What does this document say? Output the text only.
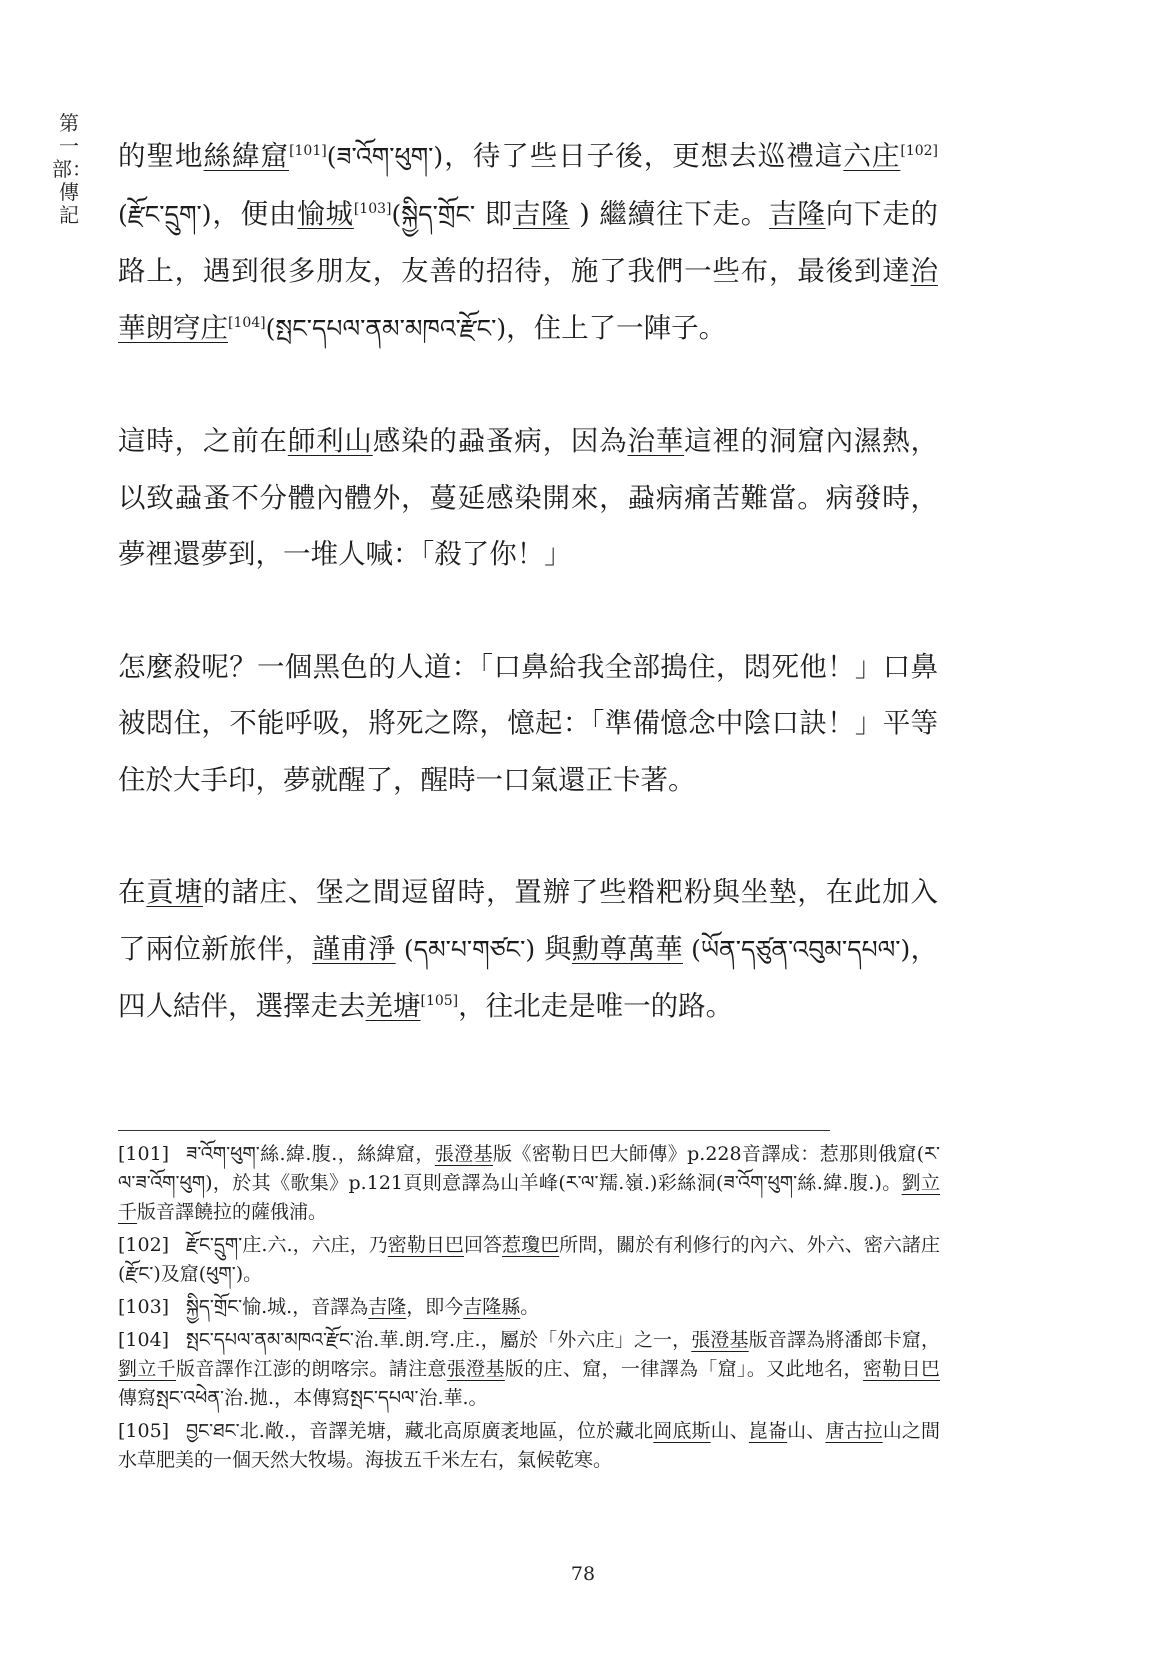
第一部：傳記

的聖地絲緯窟[101](ཟ་འོག་ཕུག་)，待了些日子後，更想去巡禮這六庄[102](རྫོང་དྲུག་)，便由愉城[103](སྐྱིད་གྲོང་ 即吉隆 ) 繼續往下走。吉隆向下走的路上，遇到很多朋友，友善的招待，施了我們一些布，最後到達治華朗穹庄[104](སྤང་དཔལ་ནམ་མཁའ་རྫོང་)，住上了一陣子。

這時，之前在師利山感染的蝨蚤病，因為治華這裡的洞窟內濕熱，以致蝨蚤不分體內體外，蔓延感染開來，蝨病痛苦難當。病發時，夢裡還夢到，一堆人喊：「殺了你！」

怎麼殺呢？一個黑色的人道：「口鼻給我全部搗住，悶死他！」口鼻被悶住，不能呼吸，將死之際，憶起：「準備憶念中陰口訣！」平等住於大手印，夢就醒了，醒時一口氣還正卡著。

在貢塘的諸庄、堡之間逗留時，置辦了些糌粑粉與坐墊，在此加入了兩位新旅伴，謹甫淨 (དམ་པ་གཙང་) 與勳尊萬華 (ཡོན་དཙུན་འབུམ་དཔལ་)，四人結伴，選擇走去羌塘[105]，往北走是唯一的路。

[101] ཟ་འོག་ཕུག་絲.緯.腹.，絲緯窟，張澄基版《密勒日巴大師傳》p.228音譯成：惹那則俄窟(ར་ལ་ཟ་འོག་ཕུག)，於其《歌集》p.121頁則意譯為山羊峰(ར་ལ་羺.嶺.)彩絲洞(ཟ་འོག་ཕུག་絲.緯.腹.)。劉立千版音譯饒拉的薩俄浦。

[102] རྫོང་དྲུག་庄.六.，六庄，乃密勒日巴回答惹瓊巴所問，關於有利修行的內六、外六、密六諸庄(རྫོང་)及窟(ཕུག་)。

[103] སྐྱིད་གྲོང་愉.城.，音譯為吉隆，即今吉隆縣。

[104] སྤང་དཔལ་ནམ་མཁའ་རྫོང་治.華.朗.穹.庄.，屬於「外六庄」之一，張澄基版音譯為將潘郎卡窟，劉立千版音譯作江澎的朗喀宗。請注意張澄基版的庄、窟，一律譯為「窟」。又此地名，密勒日巴傳寫སྤང་འཕེན་治.拋.，本傳寫སྤང་དཔལ་治.華.。

[105] བྱང་ཐང་北.敞.，音譯羌塘，藏北高原廣袤地區，位於藏北岡底斯山、崑崙山、唐古拉山之間水草肥美的一個天然大牧場。海拔五千米左右，氣候乾寒。

78
